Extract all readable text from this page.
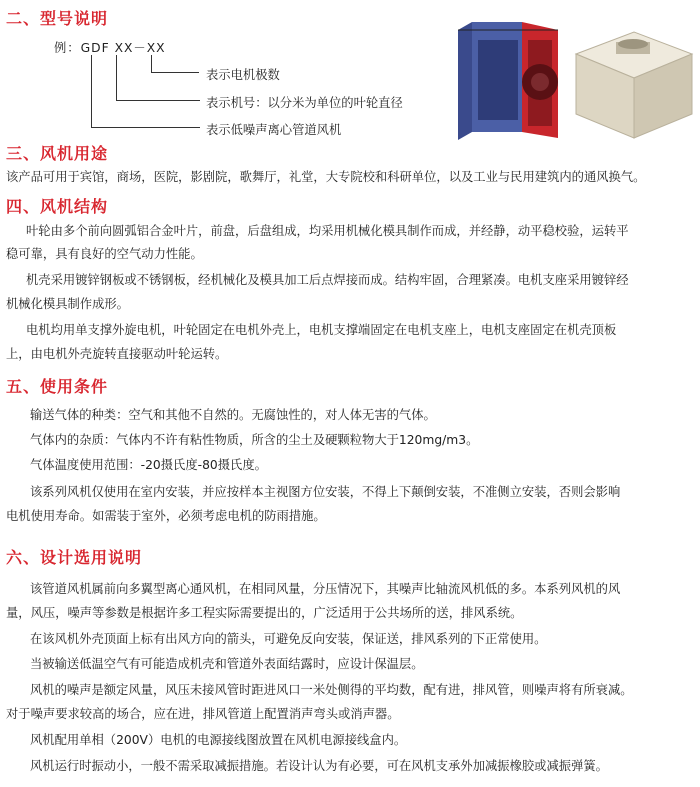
二、型号说明
例：GDF XX－XX
表示电机极数
表示机号：以分米为单位的叶轮直径
表示低噪声离心管道风机
三、风机用途
该产品可用于宾馆，商场，医院，影剧院，歌舞厅，礼堂，大专院校和科研单位，以及工业与民用建筑内的通风换气。
四、风机结构
叶轮由多个前向圆弧铝合金叶片，前盘，后盘组成，均采用机械化模具制作而成，并经静，动平稳校验，运转平
稳可靠，具有良好的空气动力性能。
机壳采用镀锌钢板或不锈钢板，经机械化及模具加工后点焊接而成。结构牢固，合理紧凑。电机支座采用镀锌经
机械化模具制作成形。
电机均用单支撑外旋电机，叶轮固定在电机外壳上，电机支撑端固定在电机支座上，电机支座固定在机壳顶板
上，由电机外壳旋转直接驱动叶轮运转。
五、使用条件
输送气体的种类：空气和其他不自然的。无腐蚀性的，对人体无害的气体。
气体内的杂质：气体内不许有粘性物质，所含的尘土及硬颗粒物大于120mg/m3。
气体温度使用范围：-20摄氏度-80摄氏度。
该系列风机仅使用在室内安装，并应按样本主视图方位安装，不得上下颠倒安装，不准侧立安装，否则会影响
电机使用寿命。如需装于室外，必须考虑电机的防雨措施。
六、设计选用说明
该管道风机属前向多翼型离心通风机，在相同风量，分压情况下，其噪声比轴流风机低的多。本系列风机的风
量，风压，噪声等参数是根据许多工程实际需要提出的，广泛适用于公共场所的送，排风系统。
在该风机外壳顶面上标有出风方向的箭头，可避免反向安装，保证送，排风系列的下正常使用。
当被输送低温空气有可能造成机壳和管道外表面结露时，应设计保温层。
风机的噪声是额定风量，风压未接风管时距进风口一米处侧得的平均数，配有进，排风管，则噪声将有所衰减。
对于噪声要求较高的场合，应在进，排风管道上配置消声弯头或消声器。
风机配用单相（200V）电机的电源接线图放置在风机电源接线盒内。
风机运行时振动小，一般不需采取减振措施。若设计认为有必要，可在风机支承外加减振橡胶或减振弹簧。
